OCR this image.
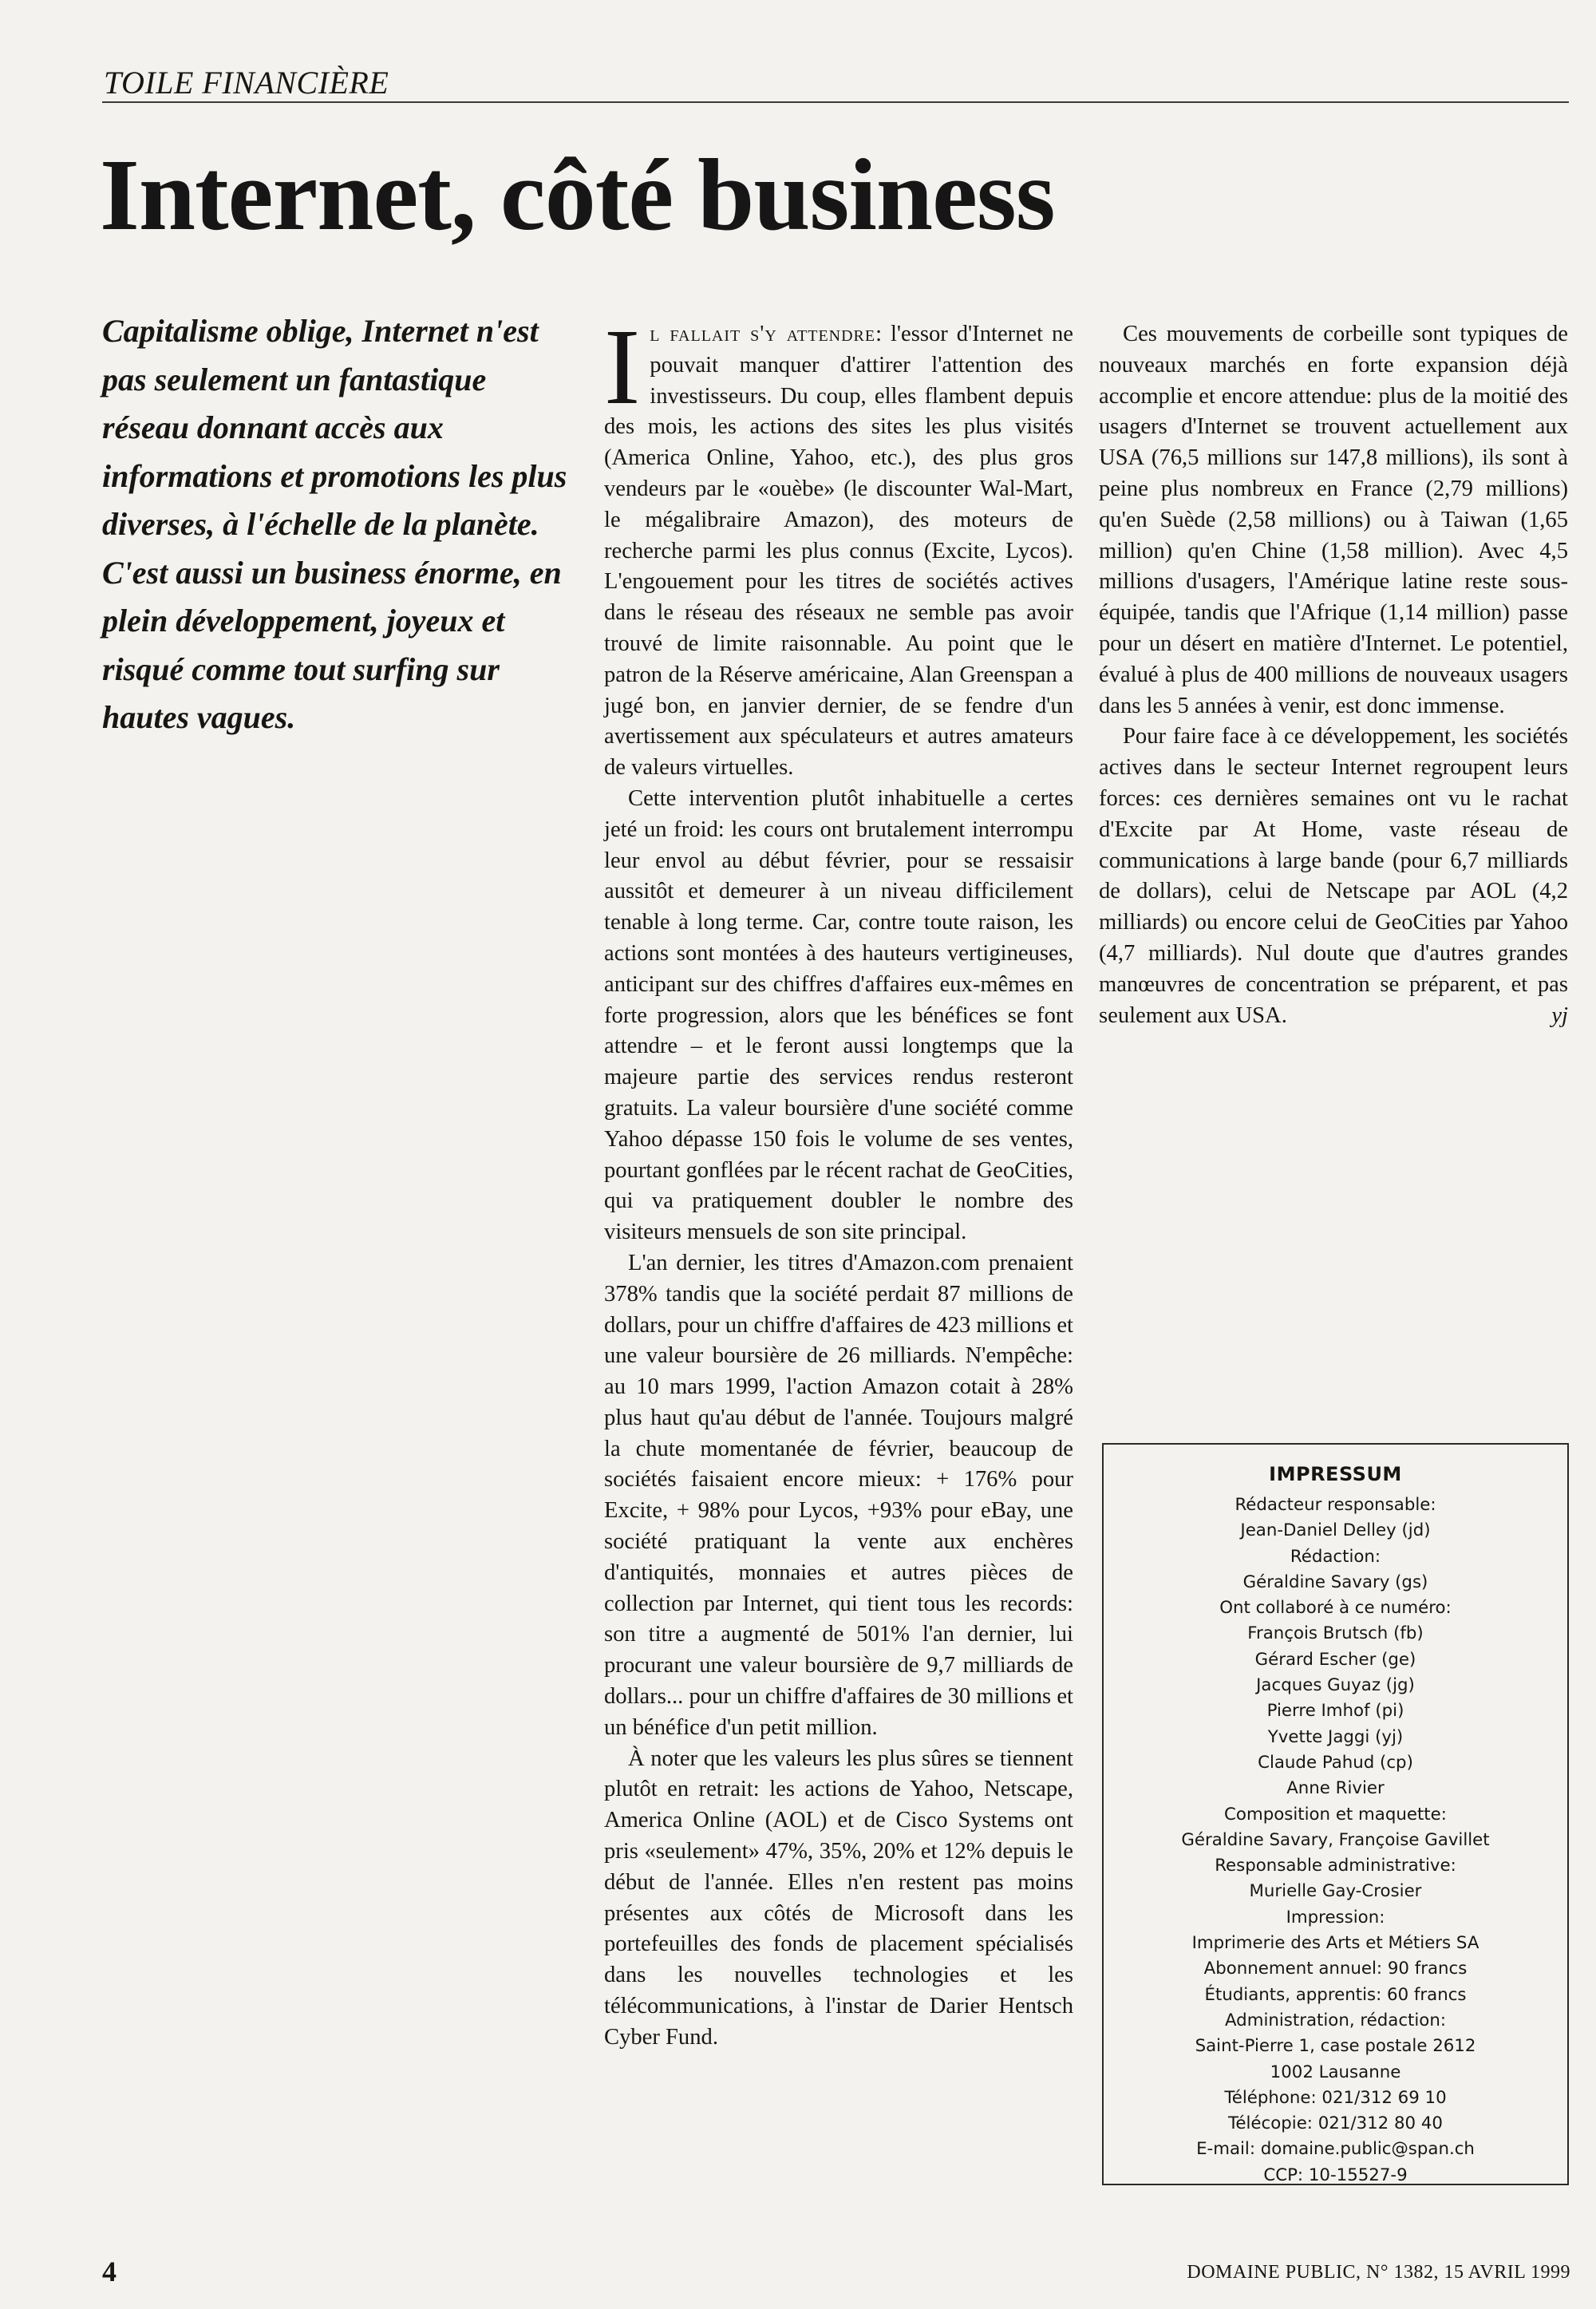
TOILE FINANCIÈRE
Internet, côté business

Capitalisme oblige, Internet n'est pas seulement un fantastique réseau donnant accès aux informations et promotions les plus diverses, à l'échelle de la planète.

C'est aussi un business énorme, en plein développement, joyeux et risqué comme tout surfing sur hautes vagues.

Il fallait s'y attendre: l'essor d'Internet ne pouvait manquer d'attirer l'attention des investisseurs. Du coup, elles flambent depuis des mois, les actions des sites les plus visités (America Online, Yahoo, etc.), des plus gros vendeurs par le «ouèbe» (le discounter Wal-Mart, le mégalibraire Amazon), des moteurs de recherche parmi les plus connus (Excite, Lycos). L'engouement pour les titres de sociétés actives dans le réseau des réseaux ne semble pas avoir trouvé de limite raisonnable. Au point que le patron de la Réserve américaine, Alan Greenspan a jugé bon, en janvier dernier, de se fendre d'un avertissement aux spéculateurs et autres amateurs de valeurs virtuelles.

Cette intervention plutôt inhabituelle a certes jeté un froid: les cours ont brutalement interrompu leur envol au début février, pour se ressaisir aussitôt et demeurer à un niveau difficilement tenable à long terme. Car, contre toute raison, les actions sont montées à des hauteurs vertigineuses, anticipant sur des chiffres d'affaires eux-mêmes en forte progression, alors que les bénéfices se font attendre – et le feront aussi longtemps que la majeure partie des services rendus resteront gratuits. La valeur boursière d'une société comme Yahoo dépasse 150 fois le volume de ses ventes, pourtant gonflées par le récent rachat de GeoCities, qui va pratiquement doubler le nombre des visiteurs mensuels de son site principal.

L'an dernier, les titres d'Amazon.com prenaient 378% tandis que la société perdait 87 millions de dollars, pour un chiffre d'affaires de 423 millions et une valeur boursière de 26 milliards. N'empêche: au 10 mars 1999, l'action Amazon cotait à 28% plus haut qu'au début de l'année. Toujours malgré la chute momentanée de février, beaucoup de sociétés faisaient encore mieux: + 176% pour Excite, + 98% pour Lycos, +93% pour eBay, une société pratiquant la vente aux enchères d'antiquités, monnaies et autres pièces de collection par Internet, qui tient tous les records: son titre a augmenté de 501% l'an dernier, lui procurant une valeur boursière de 9,7 milliards de dollars... pour un chiffre d'affaires de 30 millions et un bénéfice d'un petit million.

À noter que les valeurs les plus sûres se tiennent plutôt en retrait: les actions de Yahoo, Netscape, America Online (AOL) et de Cisco Systems ont pris «seulement» 47%, 35%, 20% et 12% depuis le début de l'année. Elles n'en restent pas moins présentes aux côtés de Microsoft dans les portefeuilles des fonds de placement spécialisés dans les nouvelles technologies et les télécommunications, à l'instar de Darier Hentsch Cyber Fund.

Ces mouvements de corbeille sont typiques de nouveaux marchés en forte expansion déjà accomplie et encore attendue: plus de la moitié des usagers d'Internet se trouvent actuellement aux USA (76,5 millions sur 147,8 millions), ils sont à peine plus nombreux en France (2,79 millions) qu'en Suède (2,58 millions) ou à Taiwan (1,65 million) qu'en Chine (1,58 million). Avec 4,5 millions d'usagers, l'Amérique latine reste sous-équipée, tandis que l'Afrique (1,14 million) passe pour un désert en matière d'Internet. Le potentiel, évalué à plus de 400 millions de nouveaux usagers dans les 5 années à venir, est donc immense.

Pour faire face à ce développement, les sociétés actives dans le secteur Internet regroupent leurs forces: ces dernières semaines ont vu le rachat d'Excite par At Home, vaste réseau de communications à large bande (pour 6,7 milliards de dollars), celui de Netscape par AOL (4,2 milliards) ou encore celui de GeoCities par Yahoo (4,7 milliards). Nul doute que d'autres grandes manœuvres de concentration se préparent, et pas seulement aux USA.	yj

IMPRESSUM
Rédacteur responsable:
Jean-Daniel Delley (jd)
Rédaction:
Géraldine Savary (gs)
Ont collaboré à ce numéro:
François Brutsch (fb)
Gérard Escher (ge)
Jacques Guyaz (jg)
Pierre Imhof (pi)
Yvette Jaggi (yj)
Claude Pahud (cp)
Anne Rivier
Composition et maquette:
Géraldine Savary, Françoise Gavillet
Responsable administrative:
Murielle Gay-Crosier
Impression:
Imprimerie des Arts et Métiers SA
Abonnement annuel: 90 francs
Étudiants, apprentis: 60 francs
Administration, rédaction:
Saint-Pierre 1, case postale 2612
1002 Lausanne
Téléphone: 021/312 69 10
Télécopie: 021/312 80 40
E-mail: domaine.public@span.ch
CCP: 10-15527-9
4	DOMAINE PUBLIC, N° 1382, 15 AVRIL 1999
